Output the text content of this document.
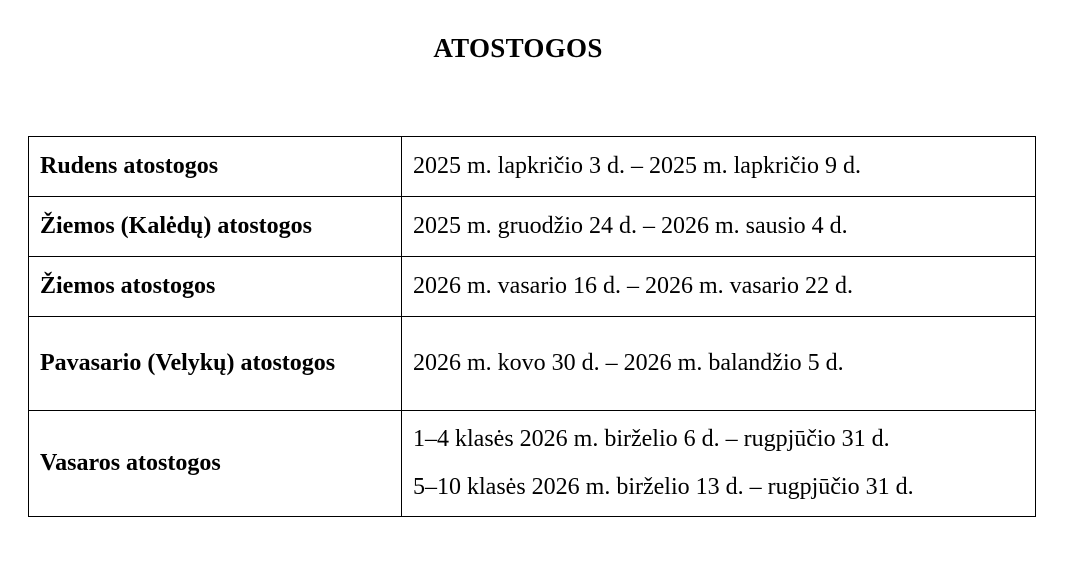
ATOSTOGOS
Rudens atostogos	2025 m. lapkričio 3 d. – 2025 m. lapkričio 9 d.
Žiemos (Kalėdų) atostogos	2025 m. gruodžio 24 d. – 2026 m. sausio 4 d.
Žiemos atostogos	2026 m. vasario 16 d. – 2026 m. vasario 22 d.
Pavasario (Velykų) atostogos	2026 m. kovo 30 d. – 2026 m. balandžio 5 d.
Vasaros atostogos	1–4 klasės 2026 m. birželio 6 d. – rugpjūčio 31 d.
5–10 klasės 2026 m. birželio 13 d. – rugpjūčio 31 d.
